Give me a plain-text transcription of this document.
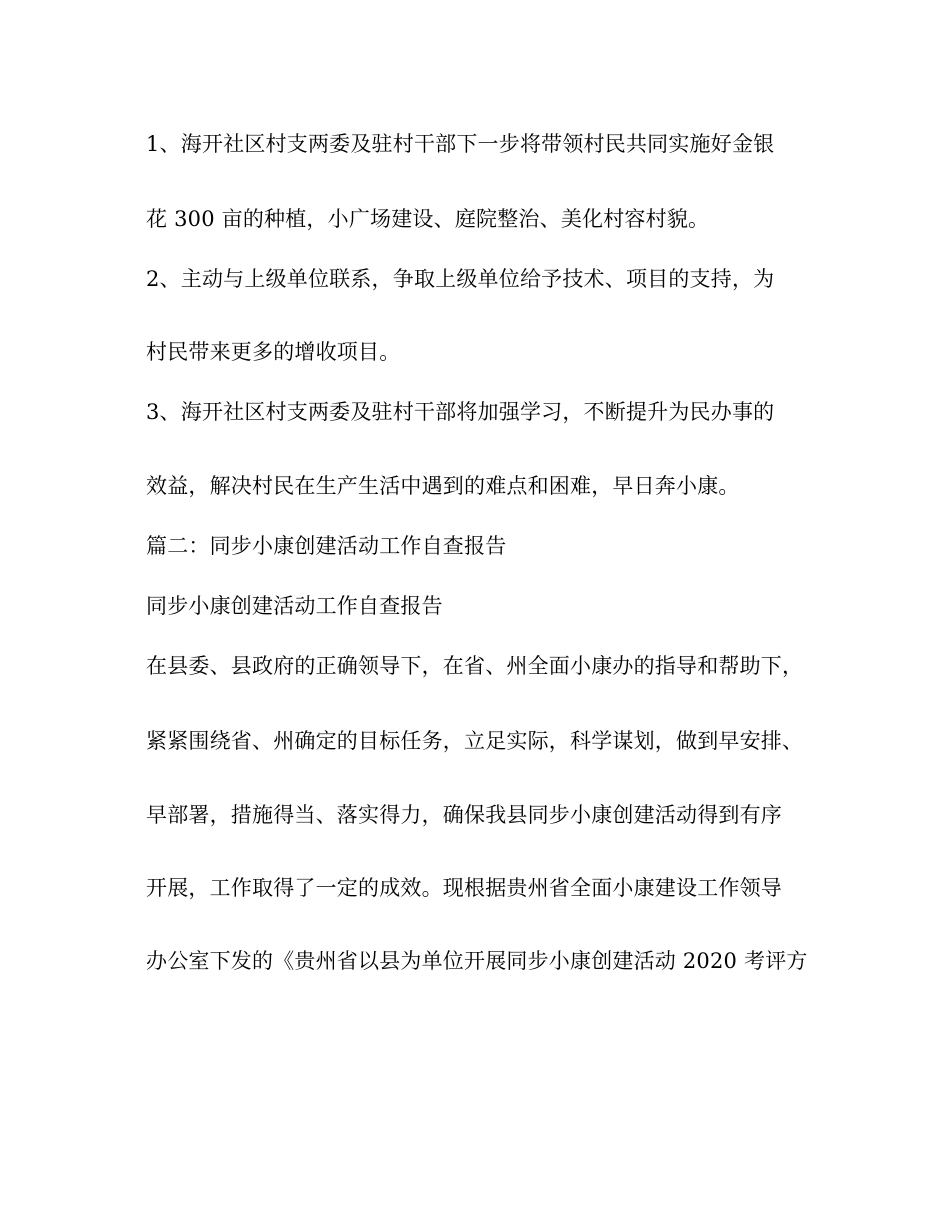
1、海开社区村支两委及驻村干部下一步将带领村民共同实施好金银
花 300 亩的种植，小广场建设、庭院整治、美化村容村貌。
2、主动与上级单位联系，争取上级单位给予技术、项目的支持，为
村民带来更多的增收项目。
3、海开社区村支两委及驻村干部将加强学习，不断提升为民办事的
效益，解决村民在生产生活中遇到的难点和困难，早日奔小康。
篇二：同步小康创建活动工作自查报告
同步小康创建活动工作自查报告
在县委、县政府的正确领导下，在省、州全面小康办的指导和帮助下，
紧紧围绕省、州确定的目标任务，立足实际，科学谋划，做到早安排、
早部署，措施得当、落实得力，确保我县同步小康创建活动得到有序
开展，工作取得了一定的成效。现根据贵州省全面小康建设工作领导
办公室下发的《贵州省以县为单位开展同步小康创建活动 2020 考评方
